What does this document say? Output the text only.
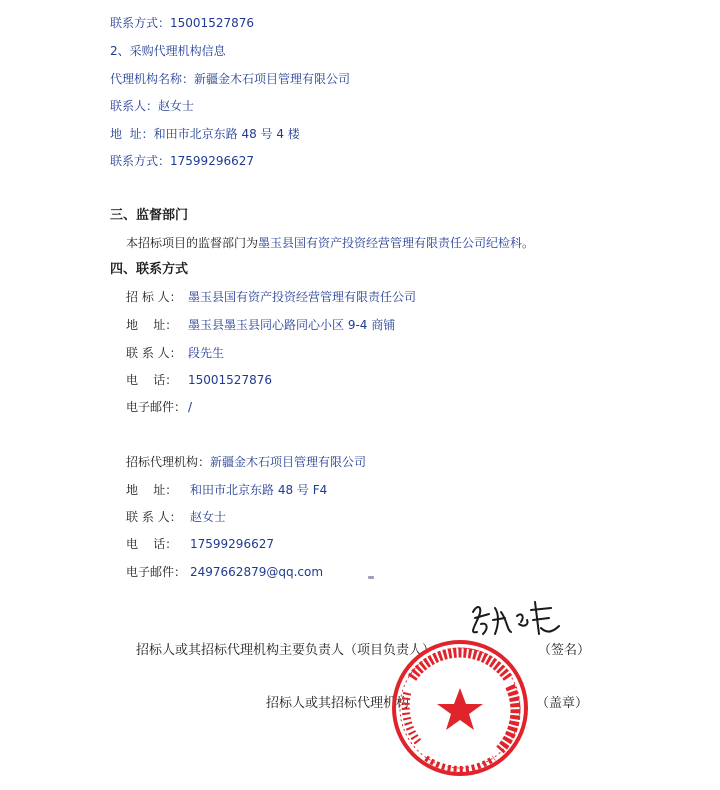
联系方式：15001527876
2、采购代理机构信息
代理机构名称：新疆金木石项目管理有限公司
联系人：赵女士
地  址：和田市北京东路 48 号 4 楼
联系方式：17599296627
三、监督部门
本招标项目的监督部门为墨玉县国有资产投资经营管理有限责任公司纪检科。
四、联系方式
招 标 人： 墨玉县国有资产投资经营管理有限责任公司
地    址： 墨玉县墨玉县同心路同心小区 9-4 商铺
联 系 人： 段先生
电    话： 15001527876
电子邮件： /
招标代理机构：新疆金木石项目管理有限公司
地    址： 和田市北京东路 48 号 F4
联 系 人： 赵女士
电    话： 17599296627
电子邮件： 2497662879@qq.com
招标人或其招标代理机构主要负责人（项目负责人）	（签名）
招标人或其招标代理机构	（盖章）
